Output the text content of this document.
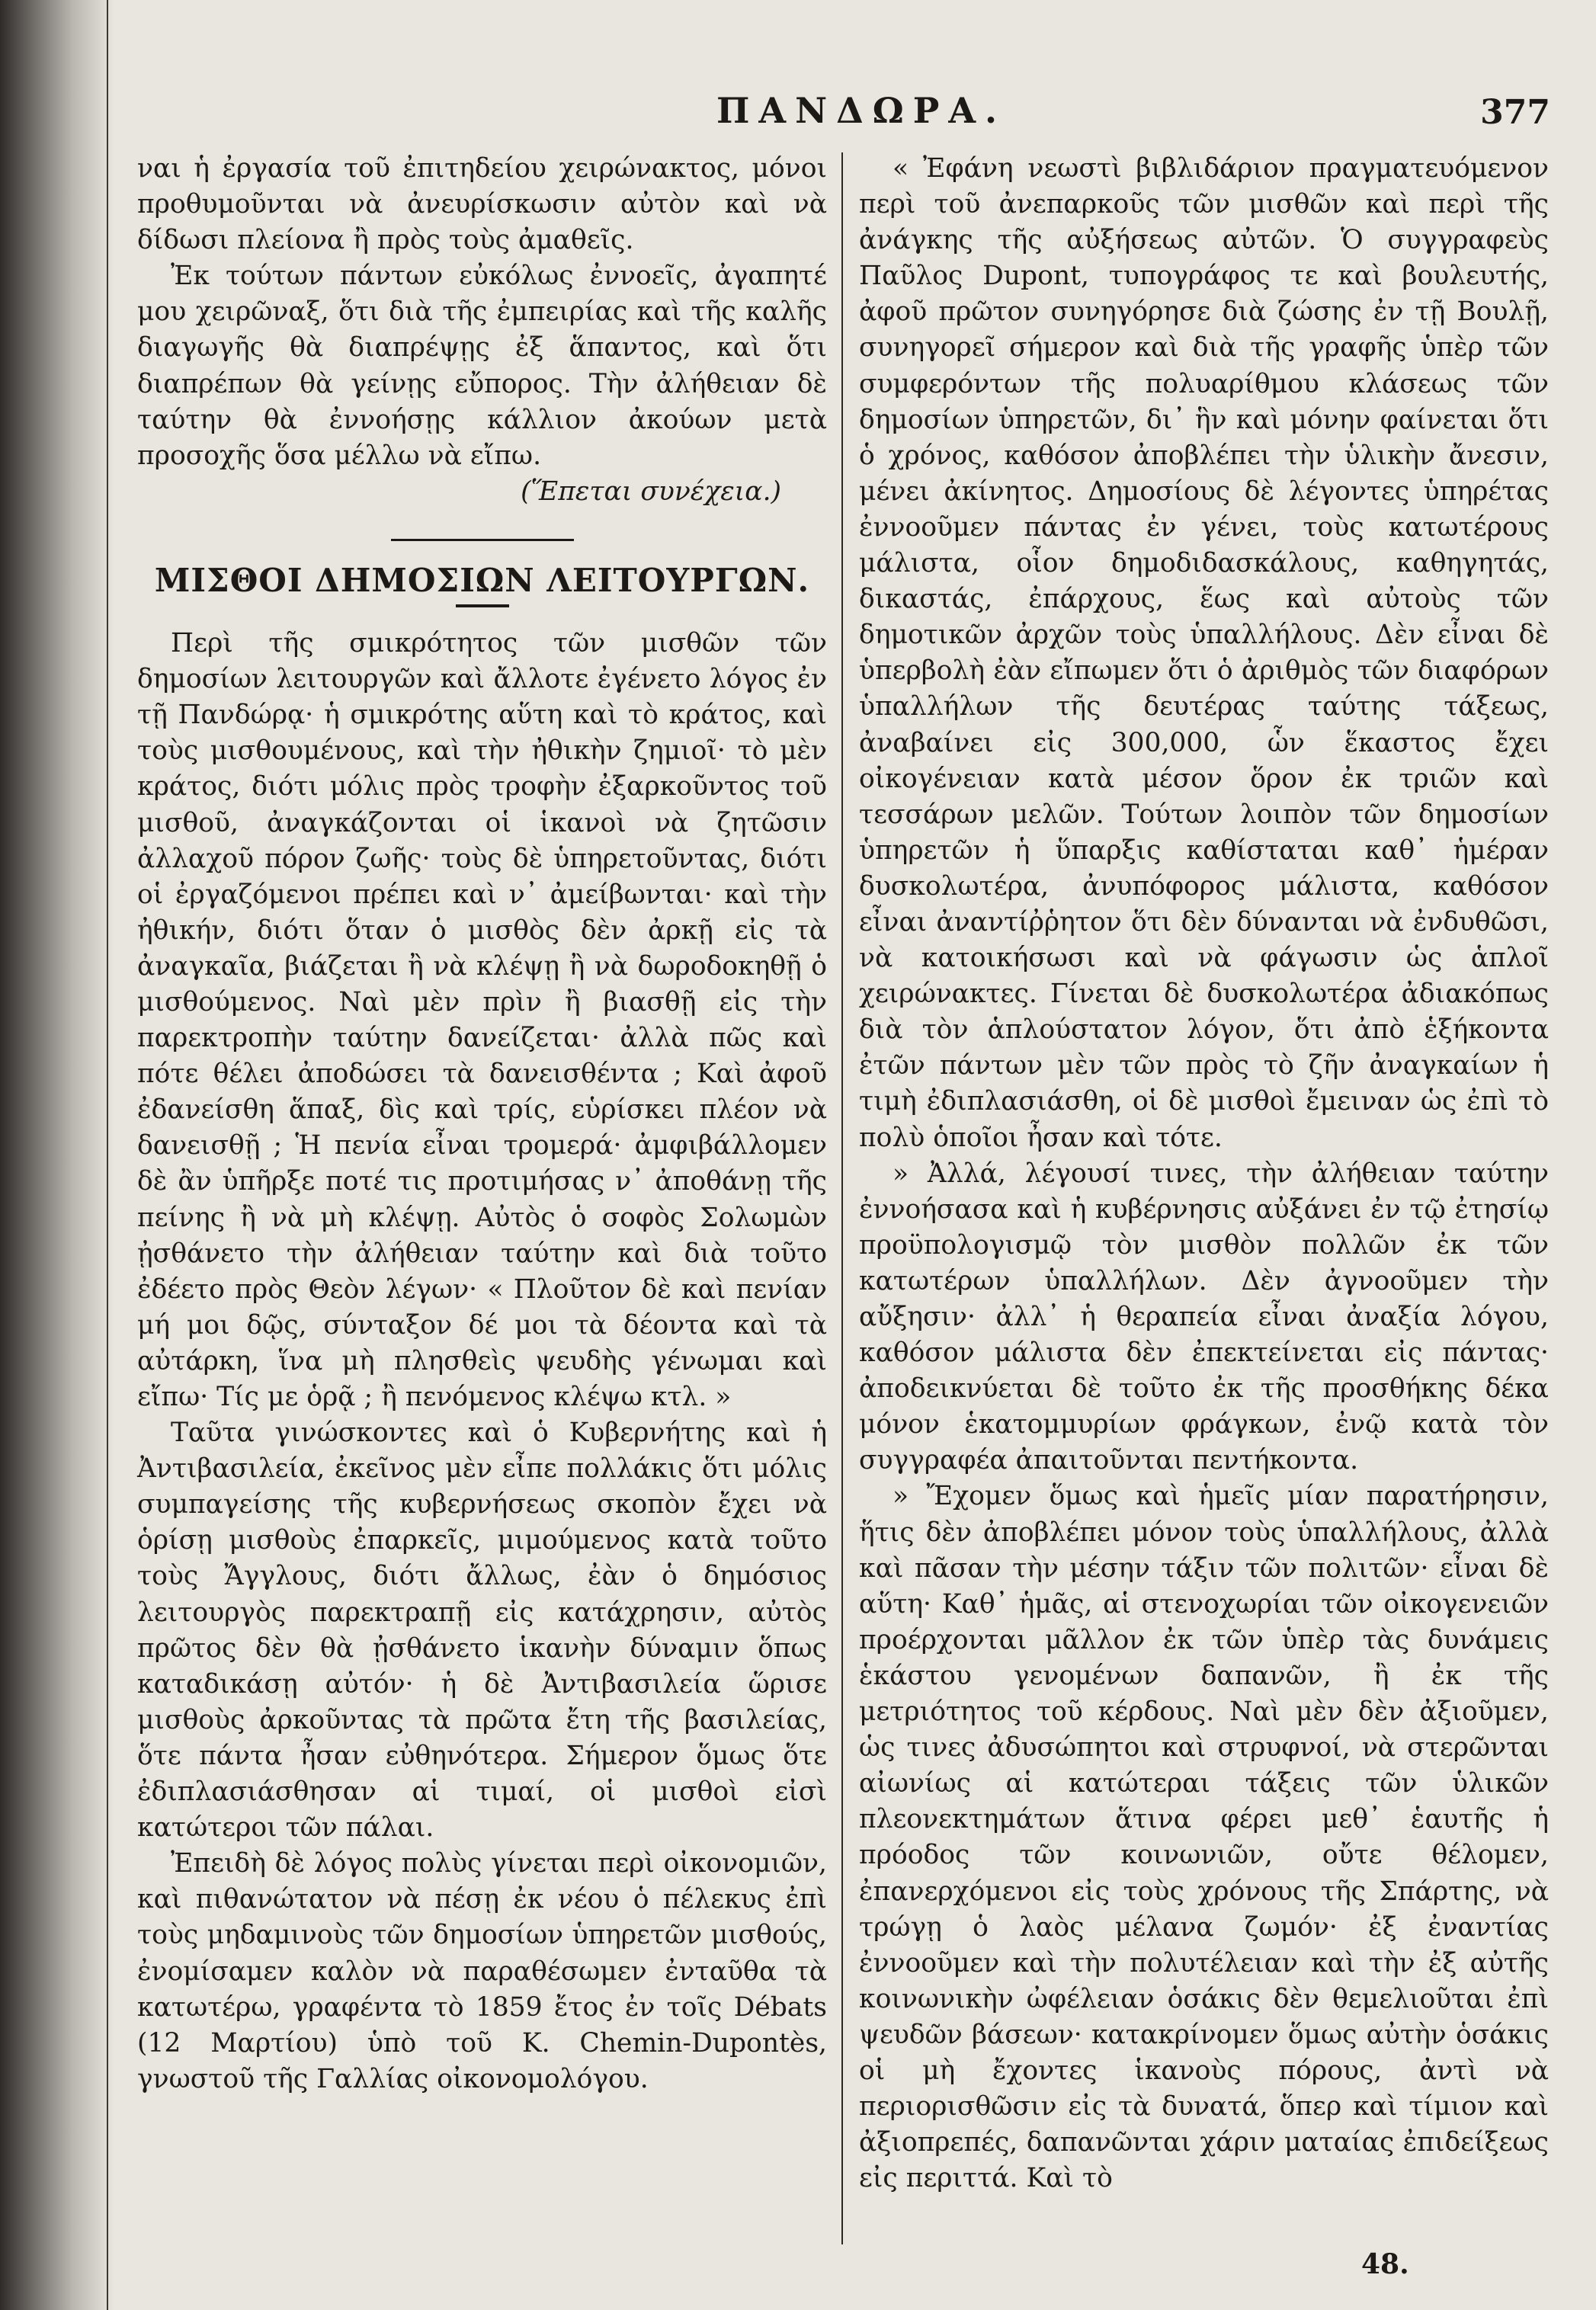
ΠΑΝΔΩΡΑ.	377

ναι ἡ ἐργασία τοῦ ἐπιτηδείου χειρώνακτος, μόνοι προθυμοῦνται νὰ ἀνευρίσκωσιν αὐτὸν καὶ νὰ δίδωσι πλείονα ἢ πρὸς τοὺς ἀμαθεῖς.

Ἐκ τούτων πάντων εὐκόλως ἐννοεῖς, ἀγαπητέ μου χειρῶναξ, ὅτι διὰ τῆς ἐμπειρίας καὶ τῆς καλῆς διαγωγῆς θὰ διαπρέψῃς ἐξ ἅπαντος, καὶ ὅτι διαπρέπων θὰ γείνῃς εὔπορος. Τὴν ἀλήθειαν δὲ ταύτην θὰ ἐννοήσῃς κάλλιον ἀκούων μετὰ προσοχῆς ὅσα μέλλω νὰ εἴπω.

(Ἕπεται συνέχεια.)

ΜΙΣΘΟΙ ΔΗΜΟΣΙΩΝ ΛΕΙΤΟΥΡΓΩΝ.

Περὶ τῆς σμικρότητος τῶν μισθῶν τῶν δημοσίων λειτουργῶν καὶ ἄλλοτε ἐγένετο λόγος ἐν τῇ Πανδώρᾳ· ἡ σμικρότης αὕτη καὶ τὸ κράτος, καὶ τοὺς μισθουμένους, καὶ τὴν ἠθικὴν ζημιοῖ· τὸ μὲν κράτος, διότι μόλις πρὸς τροφὴν ἐξαρκοῦντος τοῦ μισθοῦ, ἀναγκάζονται οἱ ἱκανοὶ νὰ ζητῶσιν ἀλλαχοῦ πόρον ζωῆς· τοὺς δὲ ὑπηρετοῦντας, διότι οἱ ἐργαζόμενοι πρέπει καὶ ν᾽ ἀμείβωνται· καὶ τὴν ἠθικήν, διότι ὅταν ὁ μισθὸς δὲν ἀρκῇ εἰς τὰ ἀναγκαῖα, βιάζεται ἢ νὰ κλέψῃ ἢ νὰ δωροδοκηθῇ ὁ μισθούμενος. Ναὶ μὲν πρὶν ἢ βιασθῇ εἰς τὴν παρεκτροπὴν ταύτην δανείζεται· ἀλλὰ πῶς καὶ πότε θέλει ἀποδώσει τὰ δανεισθέντα ; Καὶ ἀφοῦ ἐδανείσθη ἅπαξ, δὶς καὶ τρίς, εὑρίσκει πλέον νὰ δανεισθῇ ; Ἡ πενία εἶναι τρομερά· ἀμφιβάλλομεν δὲ ἂν ὑπῆρξε ποτέ τις προτιμήσας ν᾽ ἀποθάνῃ τῆς πείνης ἢ νὰ μὴ κλέψῃ. Αὐτὸς ὁ σοφὸς Σολωμὼν ᾐσθάνετο τὴν ἀλήθειαν ταύτην καὶ διὰ τοῦτο ἐδέετο πρὸς Θεὸν λέγων· « Πλοῦτον δὲ καὶ πενίαν μή μοι δῷς, σύνταξον δέ μοι τὰ δέοντα καὶ τὰ αὐτάρκη, ἵνα μὴ πλησθεὶς ψευδὴς γένωμαι καὶ εἴπω· Τίς με ὁρᾷ ; ἢ πενόμενος κλέψω κτλ. »

Ταῦτα γινώσκοντες καὶ ὁ Κυβερνήτης καὶ ἡ Ἀντιβασιλεία, ἐκεῖνος μὲν εἶπε πολλάκις ὅτι μόλις συμπαγείσης τῆς κυβερνήσεως σκοπὸν ἔχει νὰ ὁρίσῃ μισθοὺς ἐπαρκεῖς, μιμούμενος κατὰ τοῦτο τοὺς Ἄγγλους, διότι ἄλλως, ἐὰν ὁ δημόσιος λειτουργὸς παρεκτραπῇ εἰς κατάχρησιν, αὐτὸς πρῶτος δὲν θὰ ᾐσθάνετο ἱκανὴν δύναμιν ὅπως καταδικάσῃ αὐτόν· ἡ δὲ Ἀντιβασιλεία ὥρισε μισθοὺς ἀρκοῦντας τὰ πρῶτα ἔτη τῆς βασιλείας, ὅτε πάντα ἦσαν εὐθηνότερα. Σήμερον ὅμως ὅτε ἐδιπλασιάσθησαν αἱ τιμαί, οἱ μισθοὶ εἰσὶ κατώτεροι τῶν πάλαι.

Ἐπειδὴ δὲ λόγος πολὺς γίνεται περὶ οἰκονομιῶν, καὶ πιθανώτατον νὰ πέσῃ ἐκ νέου ὁ πέλεκυς ἐπὶ τοὺς μηδαμινοὺς τῶν δημοσίων ὑπηρετῶν μισθούς, ἐνομίσαμεν καλὸν νὰ παραθέσωμεν ἐνταῦθα τὰ κατωτέρω, γραφέντα τὸ 1859 ἔτος ἐν τοῖς Débats (12 Μαρτίου) ὑπὸ τοῦ K. Chemin-Dupontès, γνωστοῦ τῆς Γαλλίας οἰκονομολόγου.

« Ἐφάνη νεωστὶ βιβλιδάριον πραγματευόμενον περὶ τοῦ ἀνεπαρκοῦς τῶν μισθῶν καὶ περὶ τῆς ἀνάγκης τῆς αὐξήσεως αὐτῶν. Ὁ συγγραφεὺς Παῦλος Dupont, τυπογράφος τε καὶ βουλευτής, ἀφοῦ πρῶτον συνηγόρησε διὰ ζώσης ἐν τῇ Βουλῇ, συνηγορεῖ σήμερον καὶ διὰ τῆς γραφῆς ὑπὲρ τῶν συμφερόντων τῆς πολυαρίθμου κλάσεως τῶν δημοσίων ὑπηρετῶν, δι᾽ ἣν καὶ μόνην φαίνεται ὅτι ὁ χρόνος, καθόσον ἀποβλέπει τὴν ὑλικὴν ἄνεσιν, μένει ἀκίνητος. Δημοσίους δὲ λέγοντες ὑπηρέτας ἐννοοῦμεν πάντας ἐν γένει, τοὺς κατωτέρους μάλιστα, οἷον δημοδιδασκάλους, καθηγητάς, δικαστάς, ἐπάρχους, ἕως καὶ αὐτοὺς τῶν δημοτικῶν ἀρχῶν τοὺς ὑπαλλήλους. Δὲν εἶναι δὲ ὑπερβολὴ ἐὰν εἴπωμεν ὅτι ὁ ἀριθμὸς τῶν διαφόρων ὑπαλλήλων τῆς δευτέρας ταύτης τάξεως, ἀναβαίνει εἰς 300,000, ὧν ἕκαστος ἔχει οἰκογένειαν κατὰ μέσον ὅρον ἐκ τριῶν καὶ τεσσάρων μελῶν. Τούτων λοιπὸν τῶν δημοσίων ὑπηρετῶν ἡ ὕπαρξις καθίσταται καθ᾽ ἡμέραν δυσκολωτέρα, ἀνυπόφορος μάλιστα, καθόσον εἶναι ἀναντίῤῥητον ὅτι δὲν δύνανται νὰ ἐνδυθῶσι, νὰ κατοικήσωσι καὶ νὰ φάγωσιν ὡς ἁπλοῖ χειρώνακτες. Γίνεται δὲ δυσκολωτέρα ἀδιακόπως διὰ τὸν ἁπλούστατον λόγον, ὅτι ἀπὸ ἑξήκοντα ἐτῶν πάντων μὲν τῶν πρὸς τὸ ζῆν ἀναγκαίων ἡ τιμὴ ἐδιπλασιάσθη, οἱ δὲ μισθοὶ ἔμειναν ὡς ἐπὶ τὸ πολὺ ὁποῖοι ἦσαν καὶ τότε.

» Ἀλλά, λέγουσί τινες, τὴν ἀλήθειαν ταύτην ἐννοήσασα καὶ ἡ κυβέρνησις αὐξάνει ἐν τῷ ἐτησίῳ προϋπολογισμῷ τὸν μισθὸν πολλῶν ἐκ τῶν κατωτέρων ὑπαλλήλων. Δὲν ἀγνοοῦμεν τὴν αὔξησιν· ἀλλ᾽ ἡ θεραπεία εἶναι ἀναξία λόγου, καθόσον μάλιστα δὲν ἐπεκτείνεται εἰς πάντας· ἀποδεικνύεται δὲ τοῦτο ἐκ τῆς προσθήκης δέκα μόνον ἑκατομμυρίων φράγκων, ἐνῷ κατὰ τὸν συγγραφέα ἀπαιτοῦνται πεντήκοντα.

» Ἔχομεν ὅμως καὶ ἡμεῖς μίαν παρατήρησιν, ἥτις δὲν ἀποβλέπει μόνον τοὺς ὑπαλλήλους, ἀλλὰ καὶ πᾶσαν τὴν μέσην τάξιν τῶν πολιτῶν· εἶναι δὲ αὕτη· Καθ᾽ ἡμᾶς, αἱ στενοχωρίαι τῶν οἰκογενειῶν προέρχονται μᾶλλον ἐκ τῶν ὑπὲρ τὰς δυνάμεις ἑκάστου γενομένων δαπανῶν, ἢ ἐκ τῆς μετριότητος τοῦ κέρδους. Ναὶ μὲν δὲν ἀξιοῦμεν, ὡς τινες ἀδυσώπητοι καὶ στρυφνοί, νὰ στερῶνται αἰωνίως αἱ κατώτεραι τάξεις τῶν ὑλικῶν πλεονεκτημάτων ἅτινα φέρει μεθ᾽ ἑαυτῆς ἡ πρόοδος τῶν κοινωνιῶν, οὔτε θέλομεν, ἐπανερχόμενοι εἰς τοὺς χρόνους τῆς Σπάρτης, νὰ τρώγῃ ὁ λαὸς μέλανα ζωμόν· ἐξ ἐναντίας ἐννοοῦμεν καὶ τὴν πολυτέλειαν καὶ τὴν ἐξ αὐτῆς κοινωνικὴν ὠφέλειαν ὁσάκις δὲν θεμελιοῦται ἐπὶ ψευδῶν βάσεων· κατακρίνομεν ὅμως αὐτὴν ὁσάκις οἱ μὴ ἔχοντες ἱκανοὺς πόρους, ἀντὶ νὰ περιορισθῶσιν εἰς τὰ δυνατά, ὅπερ καὶ τίμιον καὶ ἀξιοπρεπές, δαπανῶνται χάριν ματαίας ἐπιδείξεως εἰς περιττά. Καὶ τὸ

48.
